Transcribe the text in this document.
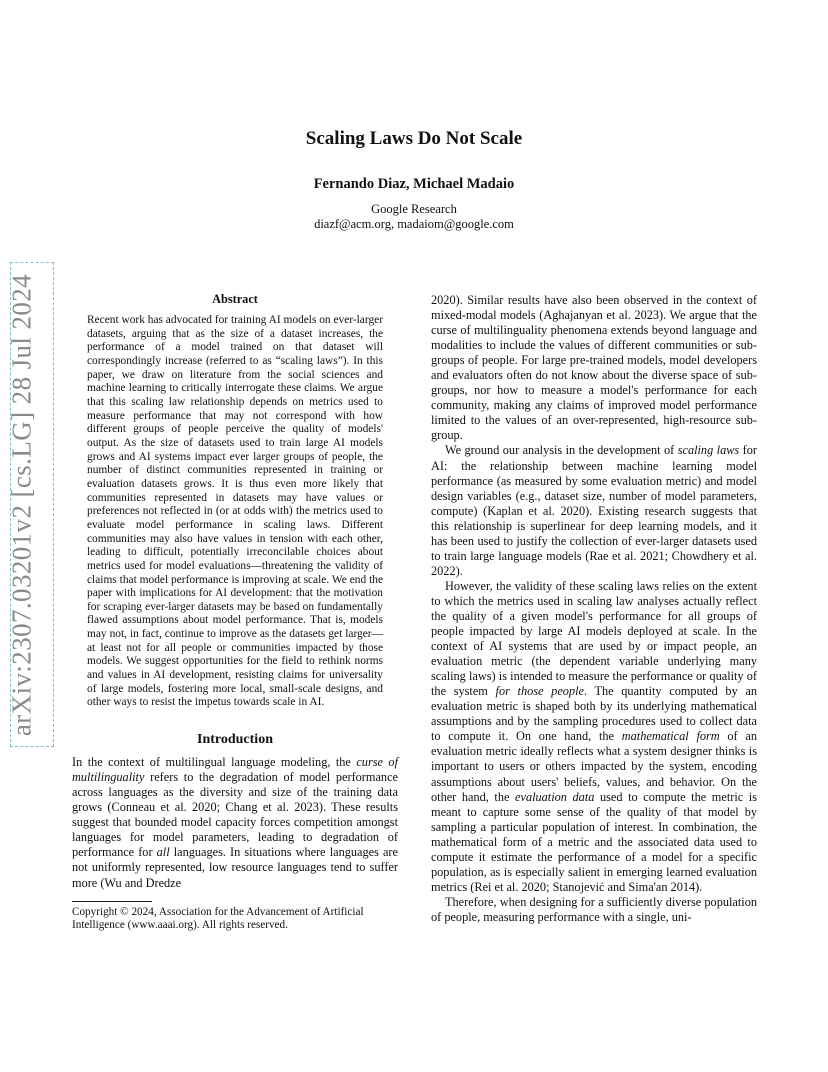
arXiv:2307.03201v2 [cs.LG] 28 Jul 2024
Scaling Laws Do Not Scale
Fernando Diaz, Michael Madaio
Google Research
diazf@acm.org, madaiom@google.com
Abstract

Recent work has advocated for training AI models on ever-larger datasets, arguing that as the size of a dataset increases, the performance of a model trained on that dataset will correspondingly increase (referred to as “scaling laws”). In this paper, we draw on literature from the social sciences and machine learning to critically interrogate these claims. We argue that this scaling law relationship depends on metrics used to measure performance that may not correspond with how different groups of people perceive the quality of models' output. As the size of datasets used to train large AI models grows and AI systems impact ever larger groups of people, the number of distinct communities represented in training or evaluation datasets grows. It is thus even more likely that communities represented in datasets may have values or preferences not reflected in (or at odds with) the metrics used to evaluate model performance in scaling laws. Different communities may also have values in tension with each other, leading to difficult, potentially irreconcilable choices about metrics used for model evaluations—threatening the validity of claims that model performance is improving at scale. We end the paper with implications for AI development: that the motivation for scraping ever-larger datasets may be based on fundamentally flawed assumptions about model performance. That is, models may not, in fact, continue to improve as the datasets get larger—at least not for all people or communities impacted by those models. We suggest opportunities for the field to rethink norms and values in AI development, resisting claims for universality of large models, fostering more local, small-scale designs, and other ways to resist the impetus towards scale in AI.

Introduction

In the context of multilingual language modeling, the curse of multilinguality refers to the degradation of model performance across languages as the diversity and size of the training data grows (Conneau et al. 2020; Chang et al. 2023). These results suggest that bounded model capacity forces competition amongst languages for model parameters, leading to degradation of performance for all languages. In situations where languages are not uniformly represented, low resource languages tend to suffer more (Wu and Dredze

Copyright © 2024, Association for the Advancement of Artificial Intelligence (www.aaai.org). All rights reserved.

2020). Similar results have also been observed in the context of mixed-modal models (Aghajanyan et al. 2023). We argue that the curse of multilinguality phenomena extends beyond language and modalities to include the values of different communities or sub-groups of people. For large pre-trained models, model developers and evaluators often do not know about the diverse space of sub-groups, nor how to measure a model's performance for each community, making any claims of improved model performance limited to the values of an over-represented, high-resource sub-group.

We ground our analysis in the development of scaling laws for AI: the relationship between machine learning model performance (as measured by some evaluation metric) and model design variables (e.g., dataset size, number of model parameters, compute) (Kaplan et al. 2020). Existing research suggests that this relationship is superlinear for deep learning models, and it has been used to justify the collection of ever-larger datasets used to train large language models (Rae et al. 2021; Chowdhery et al. 2022).

However, the validity of these scaling laws relies on the extent to which the metrics used in scaling law analyses actually reflect the quality of a given model's performance for all groups of people impacted by large AI models deployed at scale. In the context of AI systems that are used by or impact people, an evaluation metric (the dependent variable underlying many scaling laws) is intended to measure the performance or quality of the system for those people. The quantity computed by an evaluation metric is shaped both by its underlying mathematical assumptions and by the sampling procedures used to collect data to compute it. On one hand, the mathematical form of an evaluation metric ideally reflects what a system designer thinks is important to users or others impacted by the system, encoding assumptions about users' beliefs, values, and behavior. On the other hand, the evaluation data used to compute the metric is meant to capture some sense of the quality of that model by sampling a particular population of interest. In combination, the mathematical form of a metric and the associated data used to compute it estimate the performance of a model for a specific population, as is especially salient in emerging learned evaluation metrics (Rei et al. 2020; Stanojević and Sima'an 2014).

Therefore, when designing for a sufficiently diverse population of people, measuring performance with a single, uni-
